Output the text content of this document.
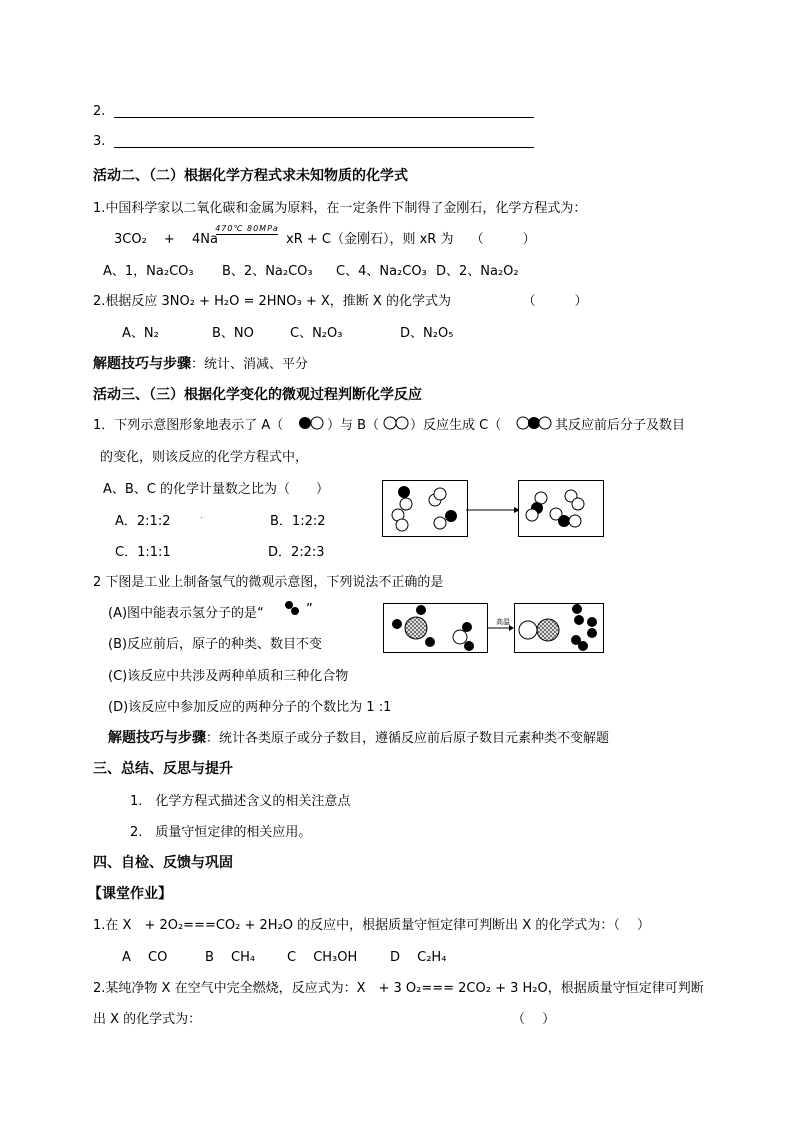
2.
3.
活动二、（二）根据化学方程式求未知物质的化学式
1.中国科学家以二氧化碳和金属为原料，在一定条件下制得了金刚石，化学方程式为：
3CO₂　 +　 4Na
470℃ 80MPa
xR + C（金刚石），则 xR 为　 （　　　）
A、1，Na₂CO₃ B、2、Na₂CO₃ C、4、Na₂CO₃ D、2、Na₂O₂
2.根据反应 3NO₂ + H₂O = 2HNO₃ + X，推断 X 的化学式为　　　　　　（　　　）
A、N₂	B、NO	C、N₂O₃	D、N₂O₅
解题技巧与步骤：统计、消减、平分
活动三、（三）根据化学变化的微观过程判断化学反应
1．下列示意图形象地表示了 A（	）与 B（ ）反应生成 C（	其反应前后分子及数目
的变化，则该反应的化学方程式中，
A、B、C 的化学计量数之比为（　　）
A．2:1:2	.	B．1:2:2
C．1:1:1	D．2:2:3
2 下图是工业上制备氢气的微观示意图，下列说法不正确的是
(A)图中能表示氢分子的是“	”
(B)反应前后，原子的种类、数目不变
(C)该反应中共涉及两种单质和三种化合物
(D)该反应中参加反应的两种分子的个数比为 1 :1
高温
解题技巧与步骤：统计各类原子或分子数目，遵循反应前后原子数目元素种类不变解题
三、总结、反思与提升
1.　化学方程式描述含义的相关注意点
2.　质量守恒定律的相关应用。
四、自检、反馈与巩固
【课堂作业】
1.在 X　+ 2O₂===CO₂ + 2H₂O 的反应中，根据质量守恒定律可判断出 X 的化学式为：（　 ）
A　 CO	B　 CH₄ C　 CH₃OH	D　 C₂H₄
2.某纯净物 X 在空气中完全燃烧，反应式为：X　+ 3 O₂=== 2CO₂ + 3 H₂O，根据质量守恒定律可判断
出 X 的化学式为：	（　 ）
